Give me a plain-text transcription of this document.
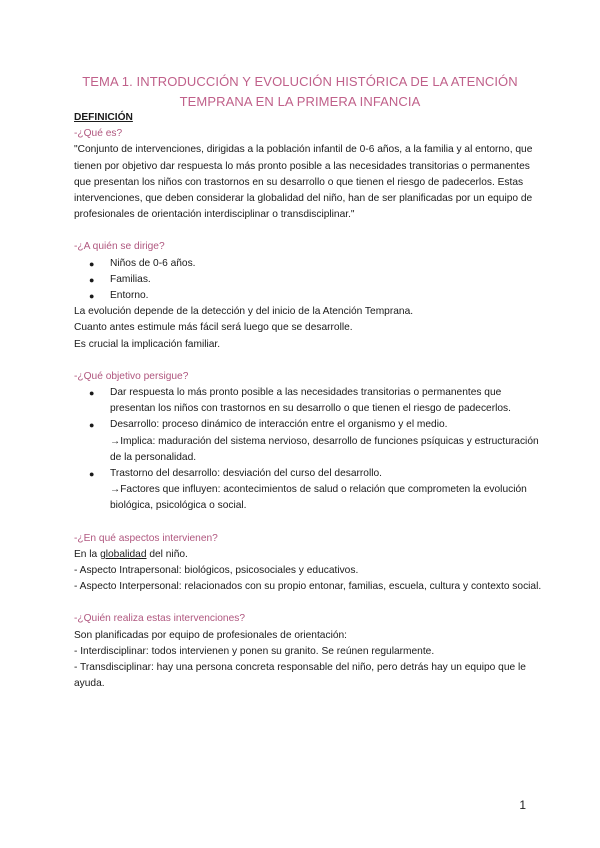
TEMA 1. INTRODUCCIÓN Y EVOLUCIÓN HISTÓRICA DE LA ATENCIÓN
TEMPRANA EN LA PRIMERA INFANCIA

DEFINICIÓN

-¿Qué es?

"Conjunto de intervenciones, dirigidas a la población infantil de 0-6 años, a la familia y al entorno, que tienen por objetivo dar respuesta lo más pronto posible a las necesidades transitorias o permanentes que presentan los niños con trastornos en su desarrollo o que tienen el riesgo de padecerlos. Estas intervenciones, que deben considerar la globalidad del niño, han de ser planificadas por un equipo de profesionales de orientación interdisciplinar o transdisciplinar."

-¿A quién se dirige?

● Niños de 0-6 años.
● Familias.
● Entorno.

La evolución depende de la detección y del inicio de la Atención Temprana.

Cuanto antes estimule más fácil será luego que se desarrolle.

Es crucial la implicación familiar.

-¿Qué objetivo persigue?

● Dar respuesta lo más pronto posible a las necesidades transitorias o permanentes que presentan los niños con trastornos en su desarrollo o que tienen el riesgo de padecerlos.
● Desarrollo: proceso dinámico de interacción entre el organismo y el medio.
→Implica: maduración del sistema nervioso, desarrollo de funciones psíquicas y estructuración de la personalidad.
● Trastorno del desarrollo: desviación del curso del desarrollo.
→Factores que influyen: acontecimientos de salud o relación que comprometen la evolución biológica, psicológica o social.

-¿En qué aspectos intervienen?

En la globalidad del niño.

- Aspecto Intrapersonal: biológicos, psicosociales y educativos.

- Aspecto Interpersonal: relacionados con su propio entonar, familias, escuela, cultura y contexto social.

-¿Quién realiza estas intervenciones?

Son planificadas por equipo de profesionales de orientación:

- Interdisciplinar: todos intervienen y ponen su granito. Se reúnen regularmente.

- Transdisciplinar: hay una persona concreta responsable del niño, pero detrás hay un equipo que le ayuda.

1
